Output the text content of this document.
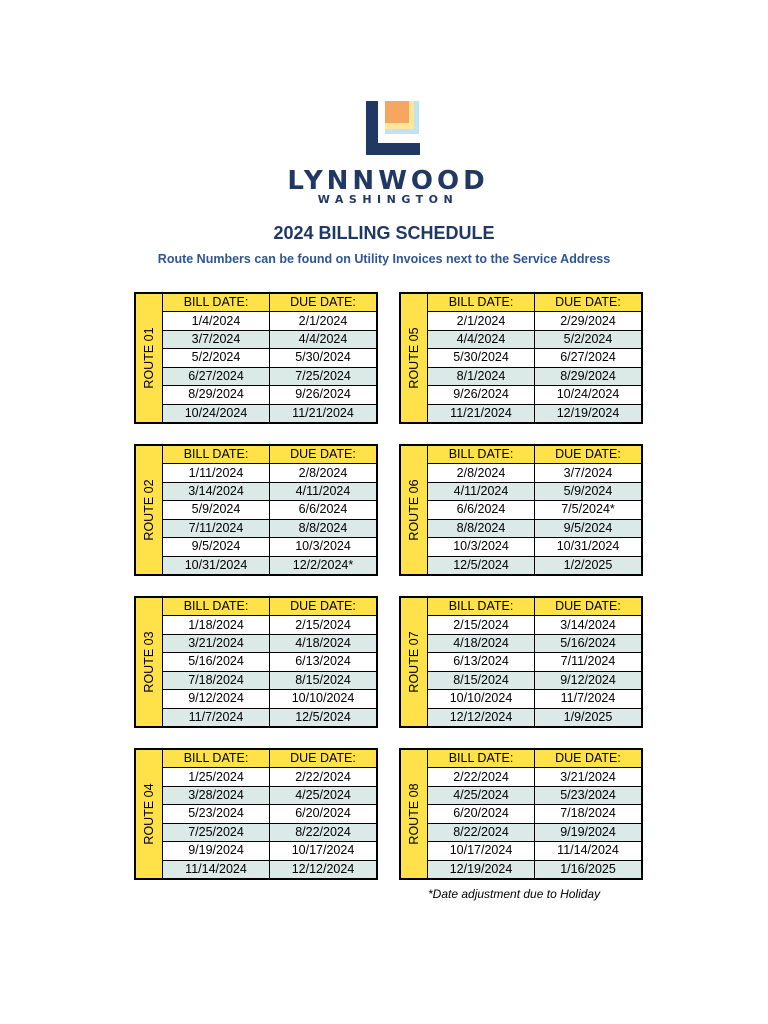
LYNNWOOD
WASHINGTON
2024 BILLING SCHEDULE
Route Numbers can be found on Utility Invoices next to the Service Address
ROUTE 01
BILL DATE:	DUE DATE:
1/4/2024	2/1/2024
3/7/2024	4/4/2024
5/2/2024	5/30/2024
6/27/2024	7/25/2024
8/29/2024	9/26/2024
10/24/2024	11/21/2024
ROUTE 05
BILL DATE:	DUE DATE:
2/1/2024	2/29/2024
4/4/2024	5/2/2024
5/30/2024	6/27/2024
8/1/2024	8/29/2024
9/26/2024	10/24/2024
11/21/2024	12/19/2024
ROUTE 02
BILL DATE:	DUE DATE:
1/11/2024	2/8/2024
3/14/2024	4/11/2024
5/9/2024	6/6/2024
7/11/2024	8/8/2024
9/5/2024	10/3/2024
10/31/2024	12/2/2024*
ROUTE 06
BILL DATE:	DUE DATE:
2/8/2024	3/7/2024
4/11/2024	5/9/2024
6/6/2024	7/5/2024*
8/8/2024	9/5/2024
10/3/2024	10/31/2024
12/5/2024	1/2/2025
ROUTE 03
BILL DATE:	DUE DATE:
1/18/2024	2/15/2024
3/21/2024	4/18/2024
5/16/2024	6/13/2024
7/18/2024	8/15/2024
9/12/2024	10/10/2024
11/7/2024	12/5/2024
ROUTE 07
BILL DATE:	DUE DATE:
2/15/2024	3/14/2024
4/18/2024	5/16/2024
6/13/2024	7/11/2024
8/15/2024	9/12/2024
10/10/2024	11/7/2024
12/12/2024	1/9/2025
ROUTE 04
BILL DATE:	DUE DATE:
1/25/2024	2/22/2024
3/28/2024	4/25/2024
5/23/2024	6/20/2024
7/25/2024	8/22/2024
9/19/2024	10/17/2024
11/14/2024	12/12/2024
ROUTE 08
BILL DATE:	DUE DATE:
2/22/2024	3/21/2024
4/25/2024	5/23/2024
6/20/2024	7/18/2024
8/22/2024	9/19/2024
10/17/2024	11/14/2024
12/19/2024	1/16/2025
*Date adjustment due to Holiday
